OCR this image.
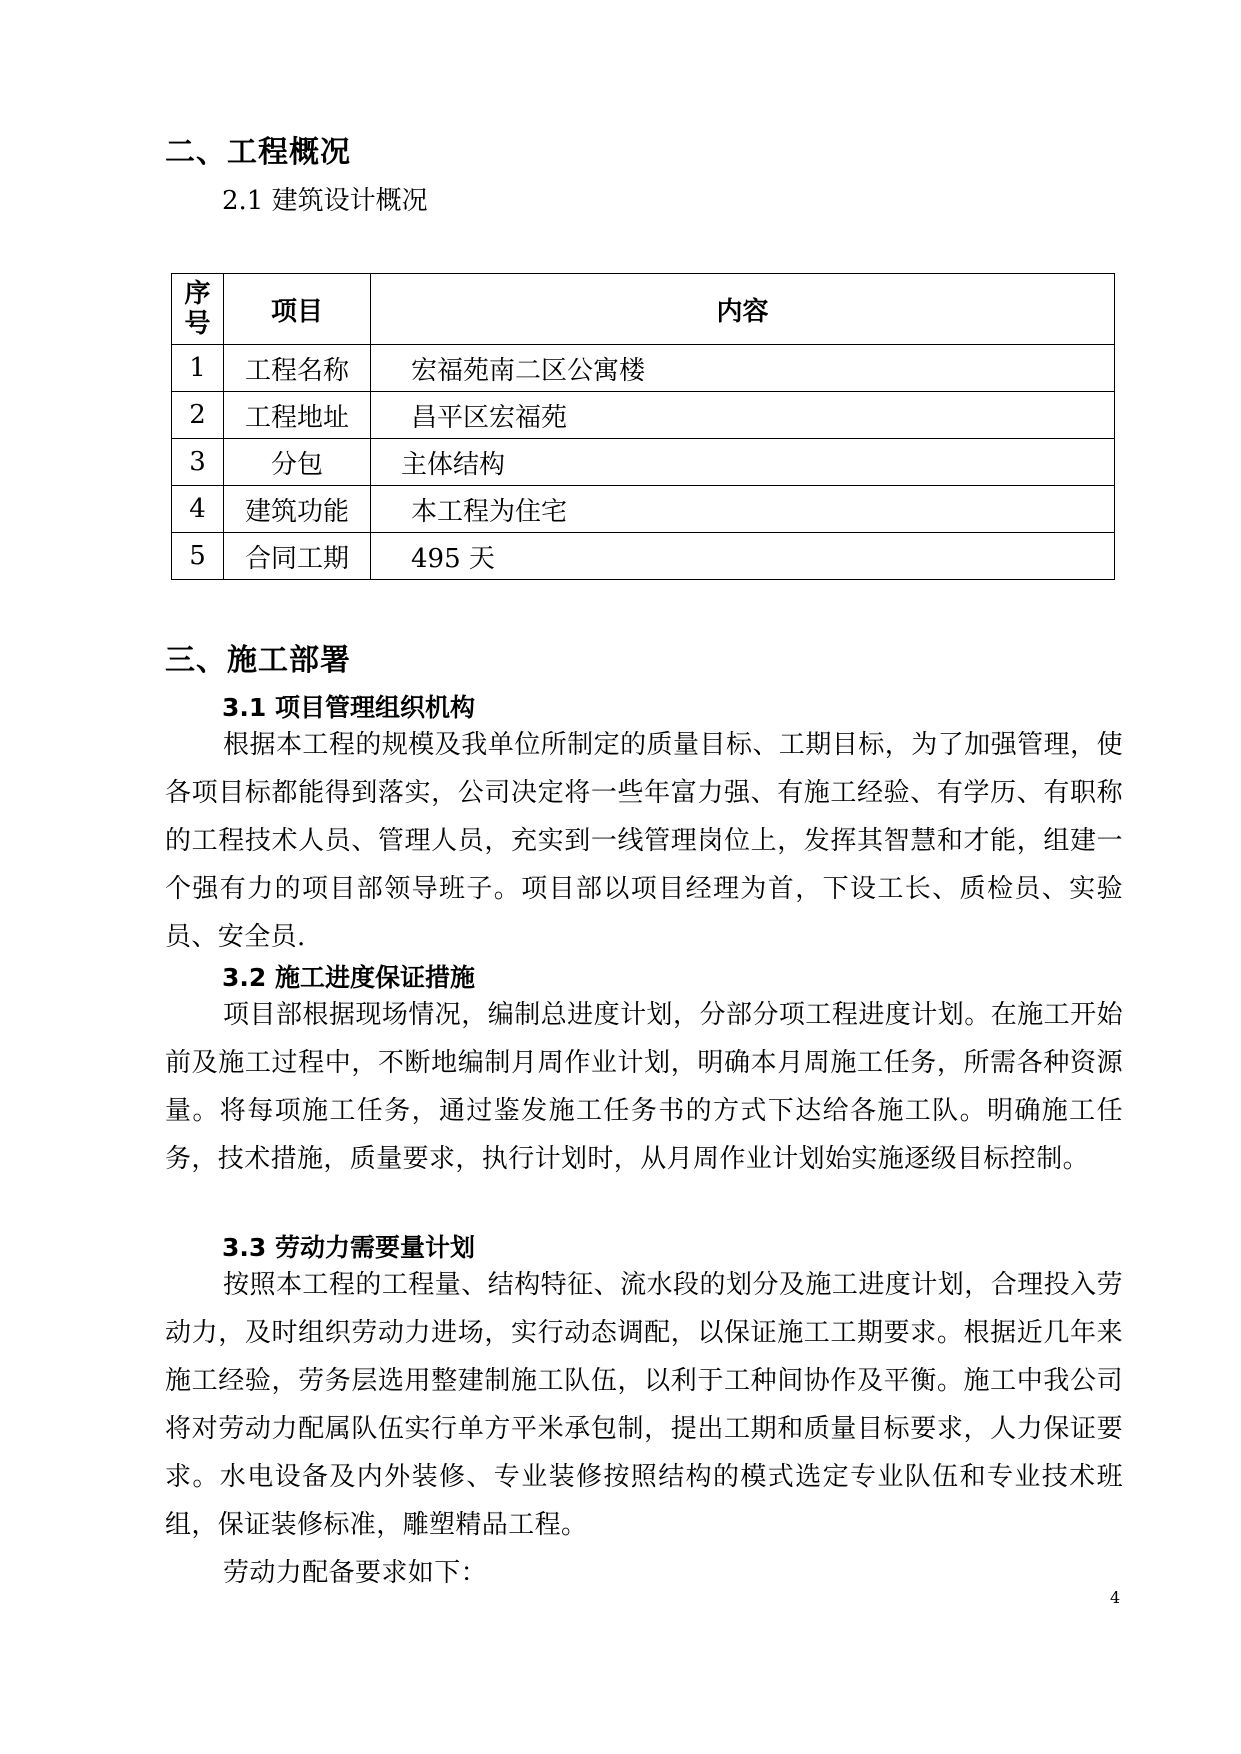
二、工程概况
2.1 建筑设计概况
序号	项目	内容
1	工程名称	宏福苑南二区公寓楼
2	工程地址	昌平区宏福苑
3	分包	主体结构
4	建筑功能	本工程为住宅
5	合同工期	495 天
三、施工部署
3.1 项目管理组织机构
根据本工程的规模及我单位所制定的质量目标、工期目标，为了加强管理，使各项目标都能得到落实，公司决定将一些年富力强、有施工经验、有学历、有职称的工程技术人员、管理人员，充实到一线管理岗位上，发挥其智慧和才能，组建一个强有力的项目部领导班子。项目部以项目经理为首，下设工长、质检员、实验员、安全员.
3.2 施工进度保证措施
项目部根据现场情况，编制总进度计划，分部分项工程进度计划。在施工开始前及施工过程中，不断地编制月周作业计划，明确本月周施工任务，所需各种资源量。将每项施工任务，通过鉴发施工任务书的方式下达给各施工队。明确施工任务，技术措施，质量要求，执行计划时，从月周作业计划始实施逐级目标控制。
3.3 劳动力需要量计划
按照本工程的工程量、结构特征、流水段的划分及施工进度计划，合理投入劳动力，及时组织劳动力进场，实行动态调配，以保证施工工期要求。根据近几年来施工经验，劳务层选用整建制施工队伍，以利于工种间协作及平衡。施工中我公司将对劳动力配属队伍实行单方平米承包制，提出工期和质量目标要求，人力保证要求。水电设备及内外装修、专业装修按照结构的模式选定专业队伍和专业技术班组，保证装修标准，雕塑精品工程。
劳动力配备要求如下：
4
